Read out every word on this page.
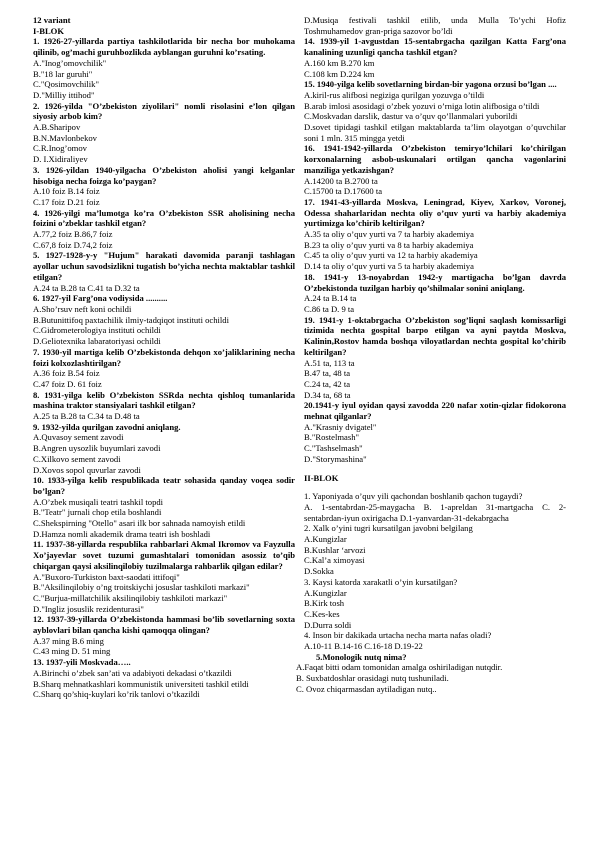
12 variant
I-BLOK
1. 1926-27-yillarda partiya tashkilotlarida bir necha bor muhokama qilinib, og’machi guruhbozlikda ayblangan guruhni ko’rsating.
A."Inog’omovchilik"
B."18 lar guruhi"
C."Qosimovchilik"
D."Milliy ittihod"
2. 1926-yilda "O’zbekiston ziyolilari" nomli risolasini e’lon qilgan siyosiy arbob kim?
A.B.Sharipov
B.N.Mavlonbekov
C.R.Inog’omov
D. I.Xidiraliyev
3. 1926-yildan 1940-yilgacha O’zbekiston aholisi yangi kelganlar hisobiga necha foizga ko’paygan?
A.10 foiz B.14 foiz
C.17 foiz D.21 foiz
4. 1926-yilgi ma’lumotga ko’ra O’zbekiston SSR aholisining necha foizini o’zbeklar tashkil etgan?
A.77,2 foiz B.86,7 foiz
C.67,8 foiz D.74,2 foiz
5. 1927-1928-y-y "Hujum" harakati davomida paranji tashlagan ayollar uchun savodsizlikni tugatish bo’yicha nechta maktablar tashkil etilgan?
A.24 ta B.28 ta C.41 ta D.32 ta
6. 1927-yil Farg’ona vodiysida ..........
A.Sho’rsuv neft koni ochildi
B.Butunittifoq paxtachilik ilmiy-tadqiqot instituti ochildi
C.Gidrometerologiya instituti ochildi
D.Geliotexnika labaratoriyasi ochildi
7. 1930-yil martiga kelib O’zbekistonda dehqon xo’jaliklarining necha foizi kolxozlashtirilgan?
A.36 foiz B.54 foiz
C.47 foiz D. 61 foiz
8. 1931-yilga kelib O’zbekiston SSRda nechta qishloq tumanlarida mashina traktor stansiyalari tashkil etilgan?
A.25 ta B.28 ta C.34 ta D.48 ta
9. 1932-yilda qurilgan zavodni aniqlang.
A.Quvasoy sement zavodi
B.Angren uysozlik buyumlari zavodi
C.Xilkovo sement zavodi
D.Xovos sopol quvurlar zavodi
10. 1933-yilga kelib respublikada teatr sohasida qanday voqea sodir bo’lgan?
A.O’zbek musiqali teatri tashkil topdi
B."Teatr" jurnali chop etila boshlandi
C.Shekspirning "Otello" asari ilk bor sahnada namoyish etildi
D.Hamza nomli akademik drama teatri ish boshladi
11. 1937-38-yillarda respublika rahbarlari Akmal Ikromov va Fayzulla Xo’jayevlar sovet tuzumi gumashtalari tomonidan asossiz to’qib chiqargan qaysi aksilinqilobiy tuzilmalarga rahbarlik qilgan edilar?
A."Buxoro-Turkiston baxt-saodati ittifoqi"
B."Aksilinqilobiy o’ng troitskiychi josuslar tashkiloti markazi"
C."Burjua-millatchilik aksilinqilobiy tashkiloti markazi"
D."Ingliz josuslik rezidenturasi"
12. 1937-39-yillarda O’zbekistonda hammasi bo’lib sovetlarning soxta ayblovlari bilan qancha kishi qamoqqa olingan?
A.37 ming B.6 ming
C.43 ming D. 51 ming
13. 1937-yili Moskvada…..
A.Birinchi o’zbek san’ati va adabiyoti dekadasi o’tkazildi
B.Sharq mehnatkashlari kommunistik universiteti tashkil etildi
C.Sharq qo’shiq-kuylari ko’rik tanlovi o’tkazildi
D.Musiqa festivali tashkil etilib, unda Mulla To’ychi Hofiz Toshmuhamedov gran-priga sazovor bo’ldi
14. 1939-yil 1-avgustdan 15-sentabrgacha qazilgan Katta Farg’ona kanalining uzunligi qancha tashkil etgan?
A.160 km B.270 km
C.108 km D.224 km
15. 1940-yilga kelib sovetlarning birdan-bir yagona orzusi bo’lgan ....
A.kiril-rus alifbosi negiziga qurilgan yozuvga o’tildi
B.arab imlosi asosidagi o’zbek yozuvi o’rniga lotin alifbosiga o’tildi
C.Moskvadan darslik, dastur va o’quv qo’llanmalari yuborildi
D.sovet tipidagi tashkil etilgan maktablarda ta’lim olayotgan o’quvchilar soni 1 mln. 315 mingga yetdi
16. 1941-1942-yillarda O’zbekiston temiryo’lchilari ko’chirilgan korxonalarning asbob-uskunalari ortilgan qancha vagonlarini manziliga yetkazishgan?
A.14200 ta B.2700 ta
C.15700 ta D.17600 ta
17. 1941-43-yillarda Moskva, Leningrad, Kiyev, Xarkov, Voronej, Odessa shaharlaridan nechta oliy o’quv yurti va harbiy akademiya yurtimizga ko’chirib keltirilgan?
A.35 ta oliy o’quv yurti va 7 ta harbiy akademiya
B.23 ta oliy o’quv yurti va 8 ta harbiy akademiya
C.45 ta oliy o’quv yurti va 12 ta harbiy akademiya
D.14 ta oliy o’quv yurti va 5 ta harbiy akademiya
18. 1941-y 13-noyabrdan 1942-y martigacha bo’lgan davrda O’zbekistonda tuzilgan harbiy qo’shilmalar sonini aniqlang.
A.24 ta B.14 ta
C.86 ta D. 9 ta
19. 1941-y 1-oktabrgacha O’zbekiston sog’liqni saqlash komissarligi tizimida nechta gospital barpo etilgan va ayni paytda Moskva, Kalinin,Rostov hamda boshqa viloyatlardan nechta gospital ko’chirib keltirilgan?
A.51 ta, 113 ta
B.47 ta, 48 ta
C.24 ta, 42 ta
D.34 ta, 68 ta
20.1941-y iyul oyidan qaysi zavodda 220 nafar xotin-qizlar fidokorona mehnat qilganlar?
A."Krasniy dvigatel"
B."Rostelmash"
C."Tashselmash"
D."Storymashina"
II-BLOK
1. Yaponiyada o’quv yili qachondan boshlanib qachon tugaydi?
A. 1-sentabrdan-25-maygacha B. 1-apreldan 31-martgacha C. 2- sentabrdan-iyun oxirigacha D.1-yanvardan-31-dekabrgacha
2. Xalk o’yini tugri kursatilgan javobni belgilang
A.Kungizlar
B.Kushlar ‘arvozi
C.Kal’a ximoyasi
D.Sokka
3. Kaysi katorda xarakatli o’yin kursatilgan?
A.Kungizlar
B.Kirk tosh
C.Kes-kes
D.Durra soldi
4. Inson bir dakikada urtacha necha marta nafas oladi?
A.10-11 B.14-16 C.16-18 D.19-22
5.Monologik nutq nima?
A.Faqat bitti odam tomonidan amalga oshiriladigan nutqdir.
B. Suxbatdoshlar orasidagi nutq tushuniladi.
C. Ovoz chiqarmasdan aytiladigan nutq..
